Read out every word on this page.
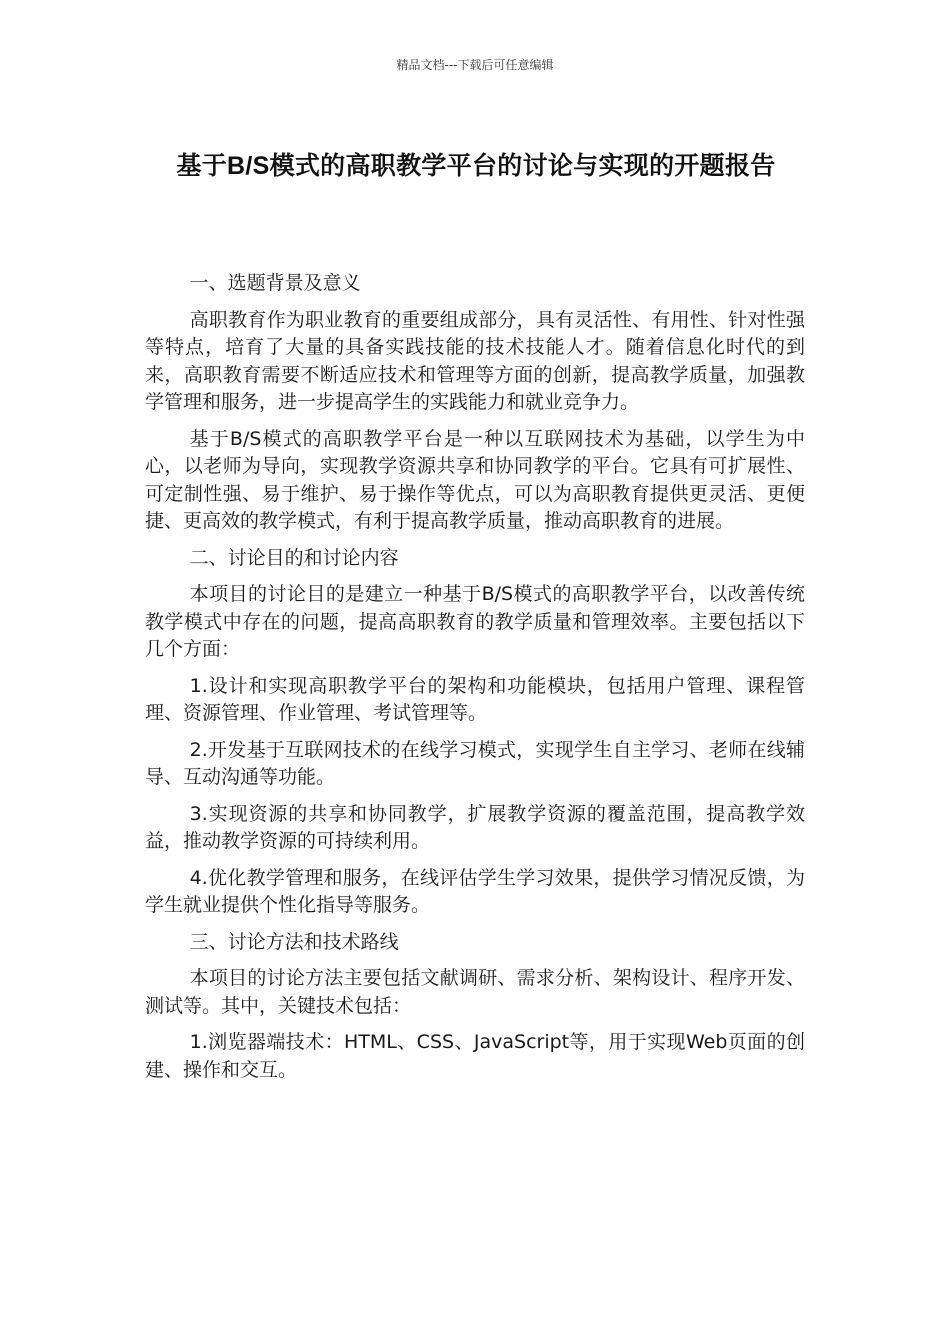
精品文档---下载后可任意编辑
基于B/S模式的高职教学平台的讨论与实现的开题报告

一、选题背景及意义

高职教育作为职业教育的重要组成部分，具有灵活性、有用性、针对性强等特点，培育了大量的具备实践技能的技术技能人才。随着信息化时代的到来，高职教育需要不断适应技术和管理等方面的创新，提高教学质量，加强教学管理和服务，进一步提高学生的实践能力和就业竞争力。

基于B/S模式的高职教学平台是一种以互联网技术为基础，以学生为中心，以老师为导向，实现教学资源共享和协同教学的平台。它具有可扩展性、可定制性强、易于维护、易于操作等优点，可以为高职教育提供更灵活、更便捷、更高效的教学模式，有利于提高教学质量，推动高职教育的进展。

二、讨论目的和讨论内容

本项目的讨论目的是建立一种基于B/S模式的高职教学平台，以改善传统教学模式中存在的问题，提高高职教育的教学质量和管理效率。主要包括以下几个方面：

1.设计和实现高职教学平台的架构和功能模块，包括用户管理、课程管理、资源管理、作业管理、考试管理等。

2.开发基于互联网技术的在线学习模式，实现学生自主学习、老师在线辅导、互动沟通等功能。

3.实现资源的共享和协同教学，扩展教学资源的覆盖范围，提高教学效益，推动教学资源的可持续利用。

4.优化教学管理和服务，在线评估学生学习效果，提供学习情况反馈，为学生就业提供个性化指导等服务。

三、讨论方法和技术路线

本项目的讨论方法主要包括文献调研、需求分析、架构设计、程序开发、测试等。其中，关键技术包括：

1.浏览器端技术：HTML、CSS、JavaScript等，用于实现Web页面的创建、操作和交互。
